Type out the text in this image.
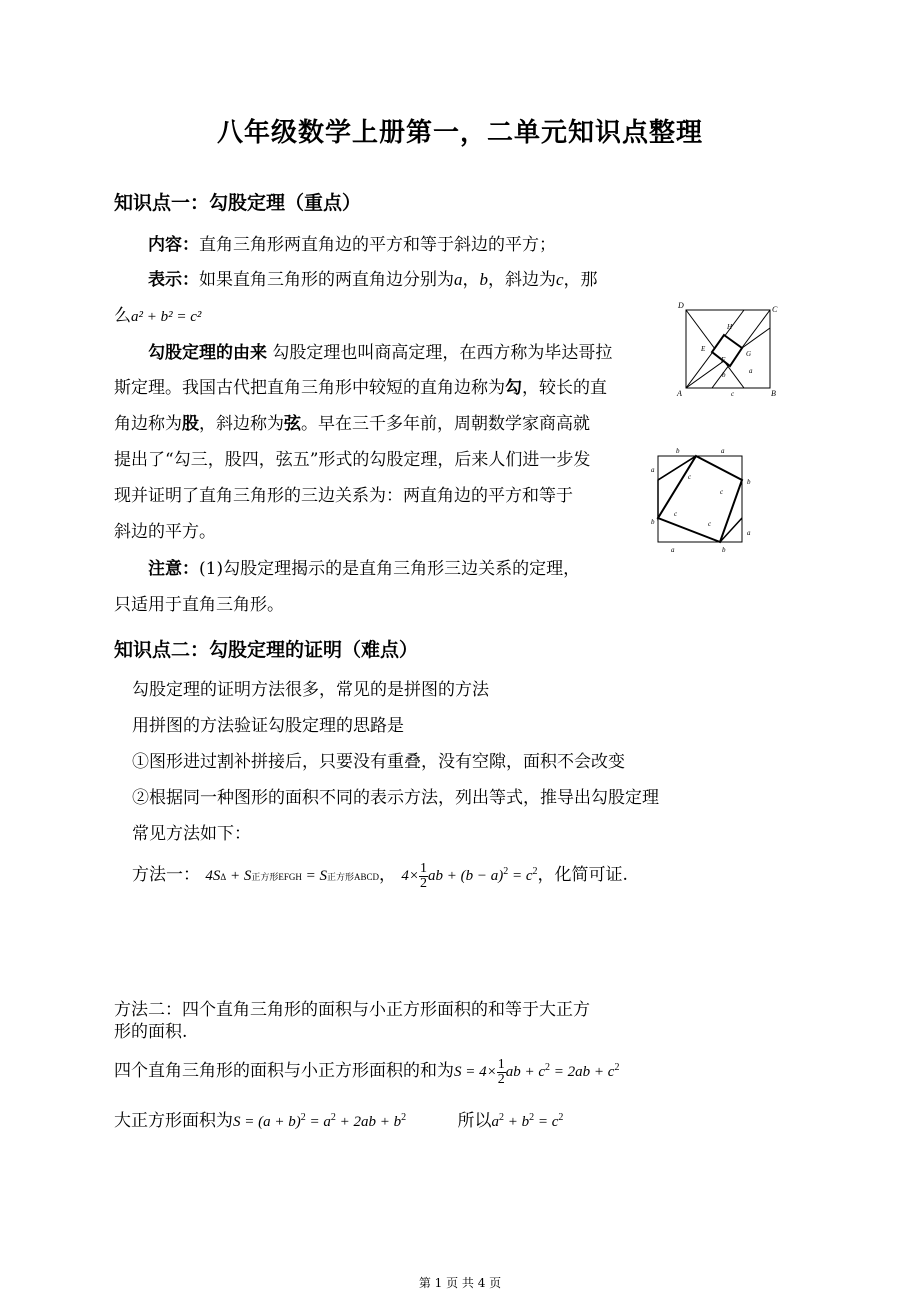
八年级数学上册第一，二单元知识点整理
知识点一：勾股定理（重点）
内容：直角三角形两直角边的平方和等于斜边的平方；
表示：如果直角三角形的两直角边分别为a，b，斜边为c，那
么a² + b² = c²
勾股定理的由来 勾股定理也叫商高定理，在西方称为毕达哥拉
斯定理。我国古代把直角三角形中较短的直角边称为勾，较长的直
角边称为股，斜边称为弦。早在三千多年前，周朝数学家商高就
提出了“勾三，股四，弦五”形式的勾股定理，后来人们进一步发
现并证明了直角三角形的三边关系为：两直角边的平方和等于
斜边的平方。
注意：(1)勾股定理揭示的是直角三角形三边关系的定理，
只适用于直角三角形。
D	C
A	B
H
E
F
G
a
b
c
b	a
a
b
c
c
c
c
b
a
a	b
知识点二：勾股定理的证明（难点）
勾股定理的证明方法很多，常见的是拼图的方法
用拼图的方法验证勾股定理的思路是
①图形进过割补拼接后，只要没有重叠，没有空隙，面积不会改变
②根据同一种图形的面积不同的表示方法，列出等式，推导出勾股定理
常见方法如下：
方法一： 4SΔ + S正方形EFGH = S正方形ABCD， $4\times \frac{1}{2}$ ab + $(b - a)^2 = c^2$，化简可证.
方法二：四个直角三角形的面积与小正方形面积的和等于大正方
形的面积.
四个直角三角形的面积与小正方形面积的和为$S = 4\times \frac{1}{2}$ ab + $c^2 = 2ab + c^2$
大正方形面积为$S = (a + b)^2 = a^2 + 2ab + b^2$	所以$a^2 + b^2 = c^2$
第 1 页 共 4 页
